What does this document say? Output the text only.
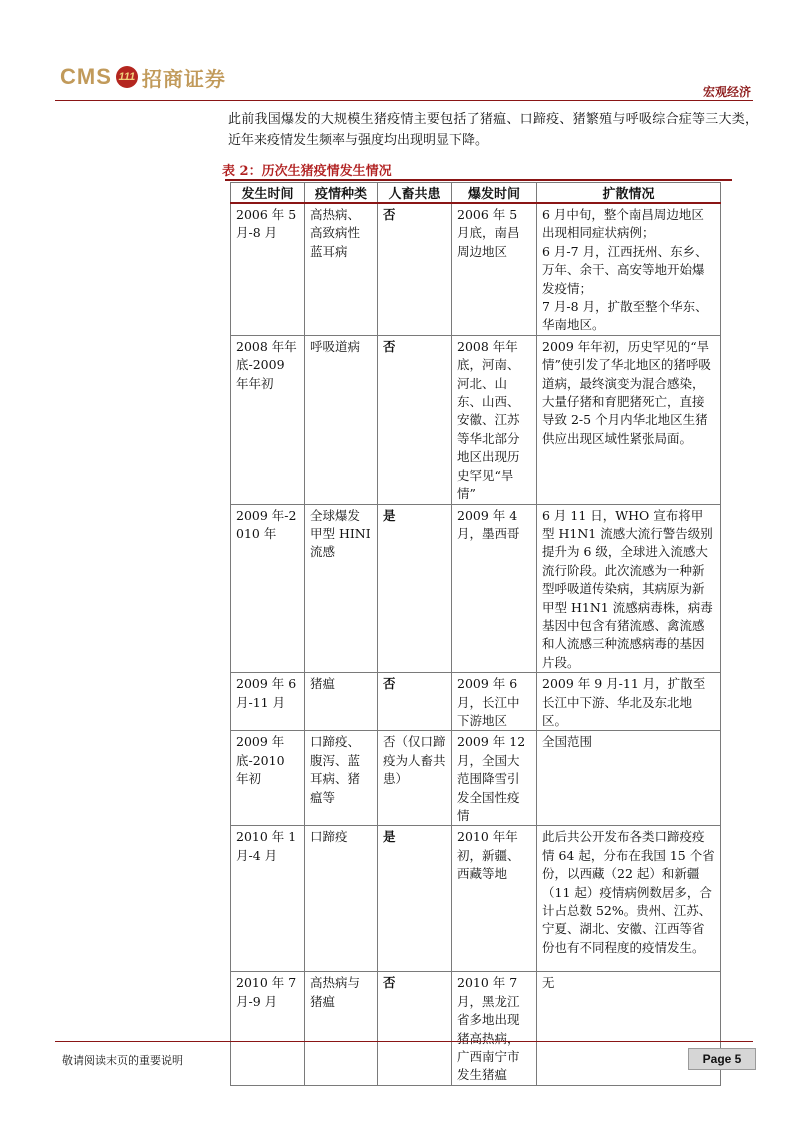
CMS 111 招商证券
宏观经济
此前我国爆发的大规模生猪疫情主要包括了猪瘟、口蹄疫、猪繁殖与呼吸综合症等三大类，近年来疫情发生频率与强度均出现明显下降。
表 2：历次生猪疫情发生情况
发生时间	疫情种类	人畜共患	爆发时间	扩散情况
2006 年 5 月-8 月	高热病、高致病性蓝耳病	否	2006 年 5 月底，南昌周边地区	6 月中旬，整个南昌周边地区出现相同症状病例；
6 月-7 月，江西抚州、东乡、万年、余干、高安等地开始爆发疫情；
7 月-8 月，扩散至整个华东、华南地区。
2008 年年底-2009 年年初	呼吸道病	否	2008 年年底，河南、河北、山东、山西、安徽、江苏等华北部分地区出现历史罕见“旱情”	2009 年年初，历史罕见的“旱情”使引发了华北地区的猪呼吸道病，最终演变为混合感染，大量仔猪和育肥猪死亡，直接导致 2-5 个月内华北地区生猪供应出现区域性紧张局面。
2009 年-2010 年	全球爆发甲型 HINI 流感	是	2009 年 4 月，墨西哥	6 月 11 日，WHO 宣布将甲型 H1N1 流感大流行警告级别提升为 6 级，全球进入流感大流行阶段。此次流感为一种新型呼吸道传染病，其病原为新甲型 H1N1 流感病毒株，病毒基因中包含有猪流感、禽流感和人流感三种流感病毒的基因片段。
2009 年 6 月-11 月	猪瘟	否	2009 年 6 月，长江中下游地区	2009 年 9 月-11 月，扩散至长江中下游、华北及东北地区。
2009 年底-2010 年初	口蹄疫、腹泻、蓝耳病、猪瘟等	否（仅口蹄疫为人畜共患）	2009 年 12 月，全国大范围降雪引发全国性疫情	全国范围
2010 年 1 月-4 月	口蹄疫	是	2010 年年初，新疆、西藏等地	此后共公开发布各类口蹄疫疫情 64 起，分布在我国 15 个省份，以西藏（22 起）和新疆（11 起）疫情病例数居多，合计占总数 52%。贵州、江苏、宁夏、湖北、安徽、江西等省份也有不同程度的疫情发生。
2010 年 7 月-9 月	高热病与猪瘟	否	2010 年 7 月，黑龙江省多地出现猪高热病，广西南宁市发生猪瘟	无
敬请阅读末页的重要说明	Page 5
